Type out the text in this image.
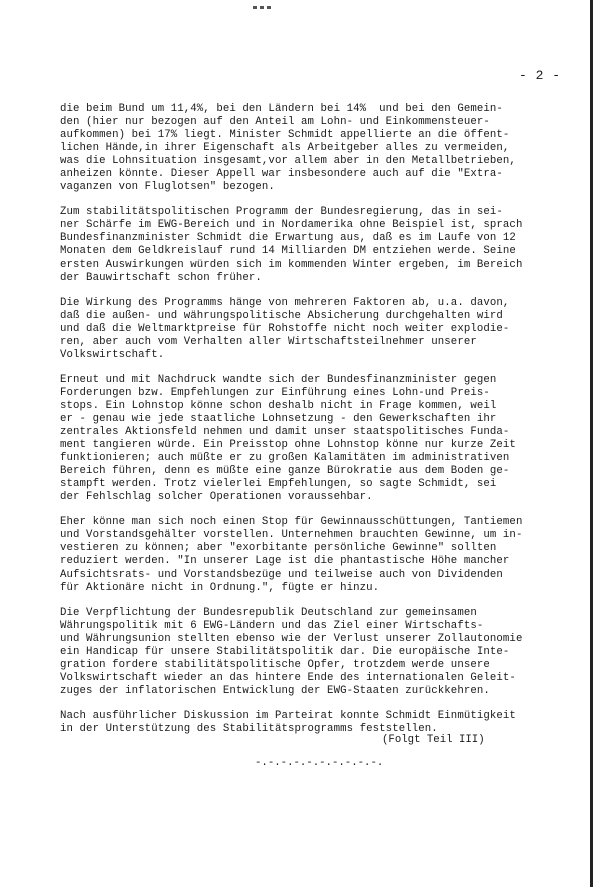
- 2 -

die beim Bund um 11,4%, bei den Ländern bei 14%  und bei den Gemein-
den (hier nur bezogen auf den Anteil am Lohn- und Einkommensteuer-
aufkommen) bei 17% liegt. Minister Schmidt appellierte an die öffent-
lichen Hände,in ihrer Eigenschaft als Arbeitgeber alles zu vermeiden,
was die Lohnsituation insgesamt,vor allem aber in den Metallbetrieben,
anheizen könnte. Dieser Appell war insbesondere auch auf die "Extra-
vaganzen von Fluglotsen" bezogen.

Zum stabilitätspolitischen Programm der Bundesregierung, das in sei-
ner Schärfe im EWG-Bereich und in Nordamerika ohne Beispiel ist, sprach
Bundesfinanzminister Schmidt die Erwartung aus, daß es im Laufe von 12
Monaten dem Geldkreislauf rund 14 Milliarden DM entziehen werde. Seine
ersten Auswirkungen würden sich im kommenden Winter ergeben, im Bereich
der Bauwirtschaft schon früher.

Die Wirkung des Programms hänge von mehreren Faktoren ab, u.a. davon,
daß die außen- und währungspolitische Absicherung durchgehalten wird
und daß die Weltmarktpreise für Rohstoffe nicht noch weiter explodie-
ren, aber auch vom Verhalten aller Wirtschaftsteilnehmer unserer
Volkswirtschaft.

Erneut und mit Nachdruck wandte sich der Bundesfinanzminister gegen
Forderungen bzw. Empfehlungen zur Einführung eines Lohn-und Preis-
stops. Ein Lohnstop könne schon deshalb nicht in Frage kommen, weil
er - genau wie jede staatliche Lohnsetzung - den Gewerkschaften ihr
zentrales Aktionsfeld nehmen und damit unser staatspolitisches Funda-
ment tangieren würde. Ein Preisstop ohne Lohnstop könne nur kurze Zeit
funktionieren; auch müßte er zu großen Kalamitäten im administrativen
Bereich führen, denn es müßte eine ganze Bürokratie aus dem Boden ge-
stampft werden. Trotz vielerlei Empfehlungen, so sagte Schmidt, sei
der Fehlschlag solcher Operationen voraussehbar.

Eher könne man sich noch einen Stop für Gewinnausschüttungen, Tantiemen
und Vorstandsgehälter vorstellen. Unternehmen brauchten Gewinne, um in-
vestieren zu können; aber "exorbitante persönliche Gewinne" sollten
reduziert werden. "In unserer Lage ist die phantastische Höhe mancher
Aufsichtsrats- und Vorstandsbezüge und teilweise auch von Dividenden
für Aktionäre nicht in Ordnung.", fügte er hinzu.

Die Verpflichtung der Bundesrepublik Deutschland zur gemeinsamen
Währungspolitik mit 6 EWG-Ländern und das Ziel einer Wirtschafts-
und Währungsunion stellten ebenso wie der Verlust unserer Zollautonomie
ein Handicap für unsere Stabilitätspolitik dar. Die europäische Inte-
gration fordere stabilitätspolitische Opfer, trotzdem werde unsere
Volkswirtschaft wieder an das hintere Ende des internationalen Geleit-
zuges der inflatorischen Entwicklung der EWG-Staaten zurückkehren.

Nach ausführlicher Diskussion im Parteirat konnte Schmidt Einmütigkeit
in der Unterstützung des Stabilitätsprogramms feststellen.

(Folgt Teil III)
-.-.-.-.-.-.-.-.-.-.
